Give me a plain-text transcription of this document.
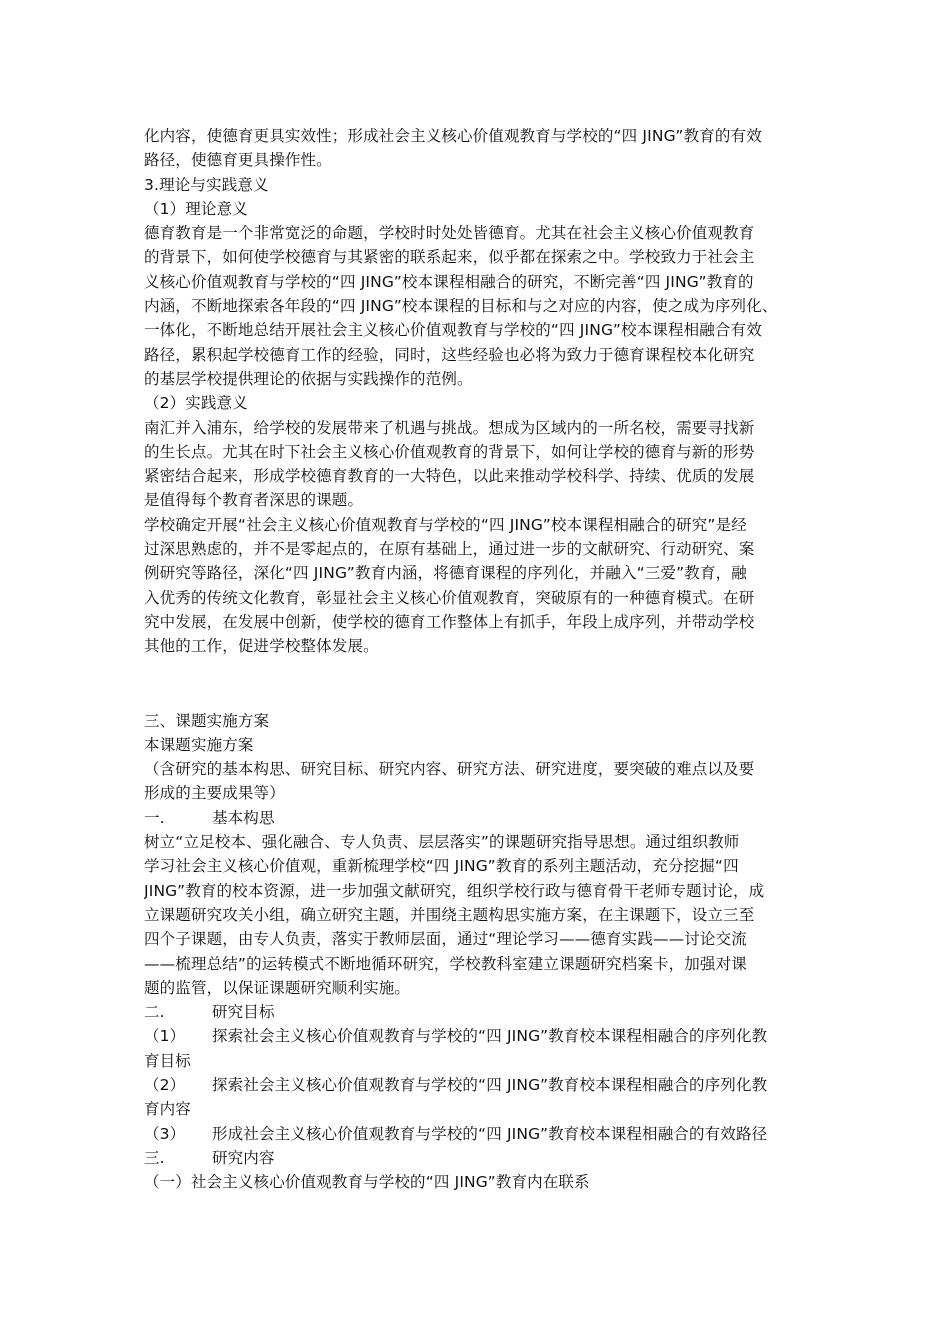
化内容，使德育更具实效性；形成社会主义核心价值观教育与学校的“四 JING”教育的有效
路径，使德育更具操作性。
3.理论与实践意义
（1）理论意义
德育教育是一个非常宽泛的命题，学校时时处处皆德育。尤其在社会主义核心价值观教育
的背景下，如何使学校德育与其紧密的联系起来，似乎都在探索之中。学校致力于社会主
义核心价值观教育与学校的“四 JING”校本课程相融合的研究，不断完善“四 JING”教育的
内涵，不断地探索各年段的“四 JING”校本课程的目标和与之对应的内容，使之成为序列化、
一体化，不断地总结开展社会主义核心价值观教育与学校的“四 JING”校本课程相融合有效
路径，累积起学校德育工作的经验，同时，这些经验也必将为致力于德育课程校本化研究
的基层学校提供理论的依据与实践操作的范例。
（2）实践意义
南汇并入浦东，给学校的发展带来了机遇与挑战。想成为区域内的一所名校，需要寻找新
的生长点。尤其在时下社会主义核心价值观教育的背景下，如何让学校的德育与新的形势
紧密结合起来，形成学校德育教育的一大特色，以此来推动学校科学、持续、优质的发展
是值得每个教育者深思的课题。
学校确定开展“社会主义核心价值观教育与学校的“四 JING”校本课程相融合的研究”是经
过深思熟虑的，并不是零起点的，在原有基础上，通过进一步的文献研究、行动研究、案
例研究等路径，深化“四 JING”教育内涵，将德育课程的序列化，并融入“三爱”教育，融
入优秀的传统文化教育，彰显社会主义核心价值观教育，突破原有的一种德育模式。在研
究中发展，在发展中创新，使学校的德育工作整体上有抓手，年段上成序列，并带动学校
其他的工作，促进学校整体发展。
三、课题实施方案
本课题实施方案
（含研究的基本构思、研究目标、研究内容、研究方法、研究进度，要突破的难点以及要
形成的主要成果等）
一.	基本构思
树立“立足校本、强化融合、专人负责、层层落实”的课题研究指导思想。通过组织教师
学习社会主义核心价值观，重新梳理学校“四 JING”教育的系列主题活动，充分挖掘“四
JING”教育的校本资源，进一步加强文献研究，组织学校行政与德育骨干老师专题讨论，成
立课题研究攻关小组，确立研究主题，并围绕主题构思实施方案，在主课题下，设立三至
四个子课题，由专人负责，落实于教师层面，通过“理论学习——德育实践——讨论交流
——梳理总结”的运转模式不断地循环研究，学校教科室建立课题研究档案卡，加强对课
题的监管，以保证课题研究顺利实施。
二.	研究目标
（1） 探索社会主义核心价值观教育与学校的“四 JING”教育校本课程相融合的序列化教
育目标
（2） 探索社会主义核心价值观教育与学校的“四 JING”教育校本课程相融合的序列化教
育内容
（3） 形成社会主义核心价值观教育与学校的“四 JING”教育校本课程相融合的有效路径
三.	研究内容
（一）社会主义核心价值观教育与学校的“四 JING”教育内在联系
